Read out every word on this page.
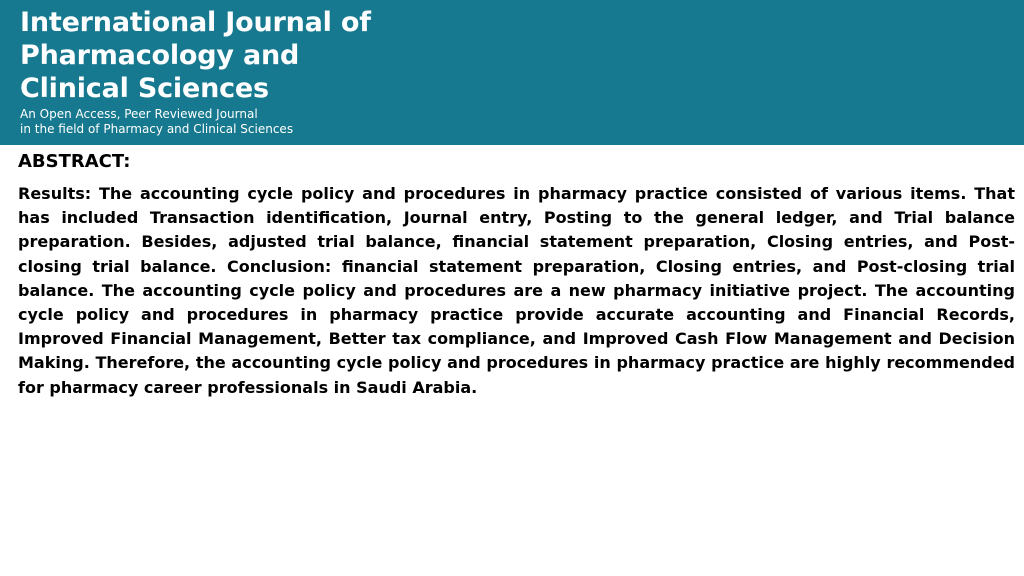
International Journal of
Pharmacology and
Clinical Sciences
An Open Access, Peer Reviewed Journal
in the field of Pharmacy and Clinical Sciences
ABSTRACT:

Results: The accounting cycle policy and procedures in pharmacy practice consisted of various items. That has included Transaction identification, Journal entry, Posting to the general ledger, and Trial balance preparation. Besides, adjusted trial balance, financial statement preparation, Closing entries, and Post-closing trial balance. Conclusion: financial statement preparation, Closing entries, and Post-closing trial balance. The accounting cycle policy and procedures are a new pharmacy initiative project. The accounting cycle policy and procedures in pharmacy practice provide accurate accounting and Financial Records, Improved Financial Management, Better tax compliance, and Improved Cash Flow Management and Decision Making. Therefore, the accounting cycle policy and procedures in pharmacy practice are highly recommended for pharmacy career professionals in Saudi Arabia.
